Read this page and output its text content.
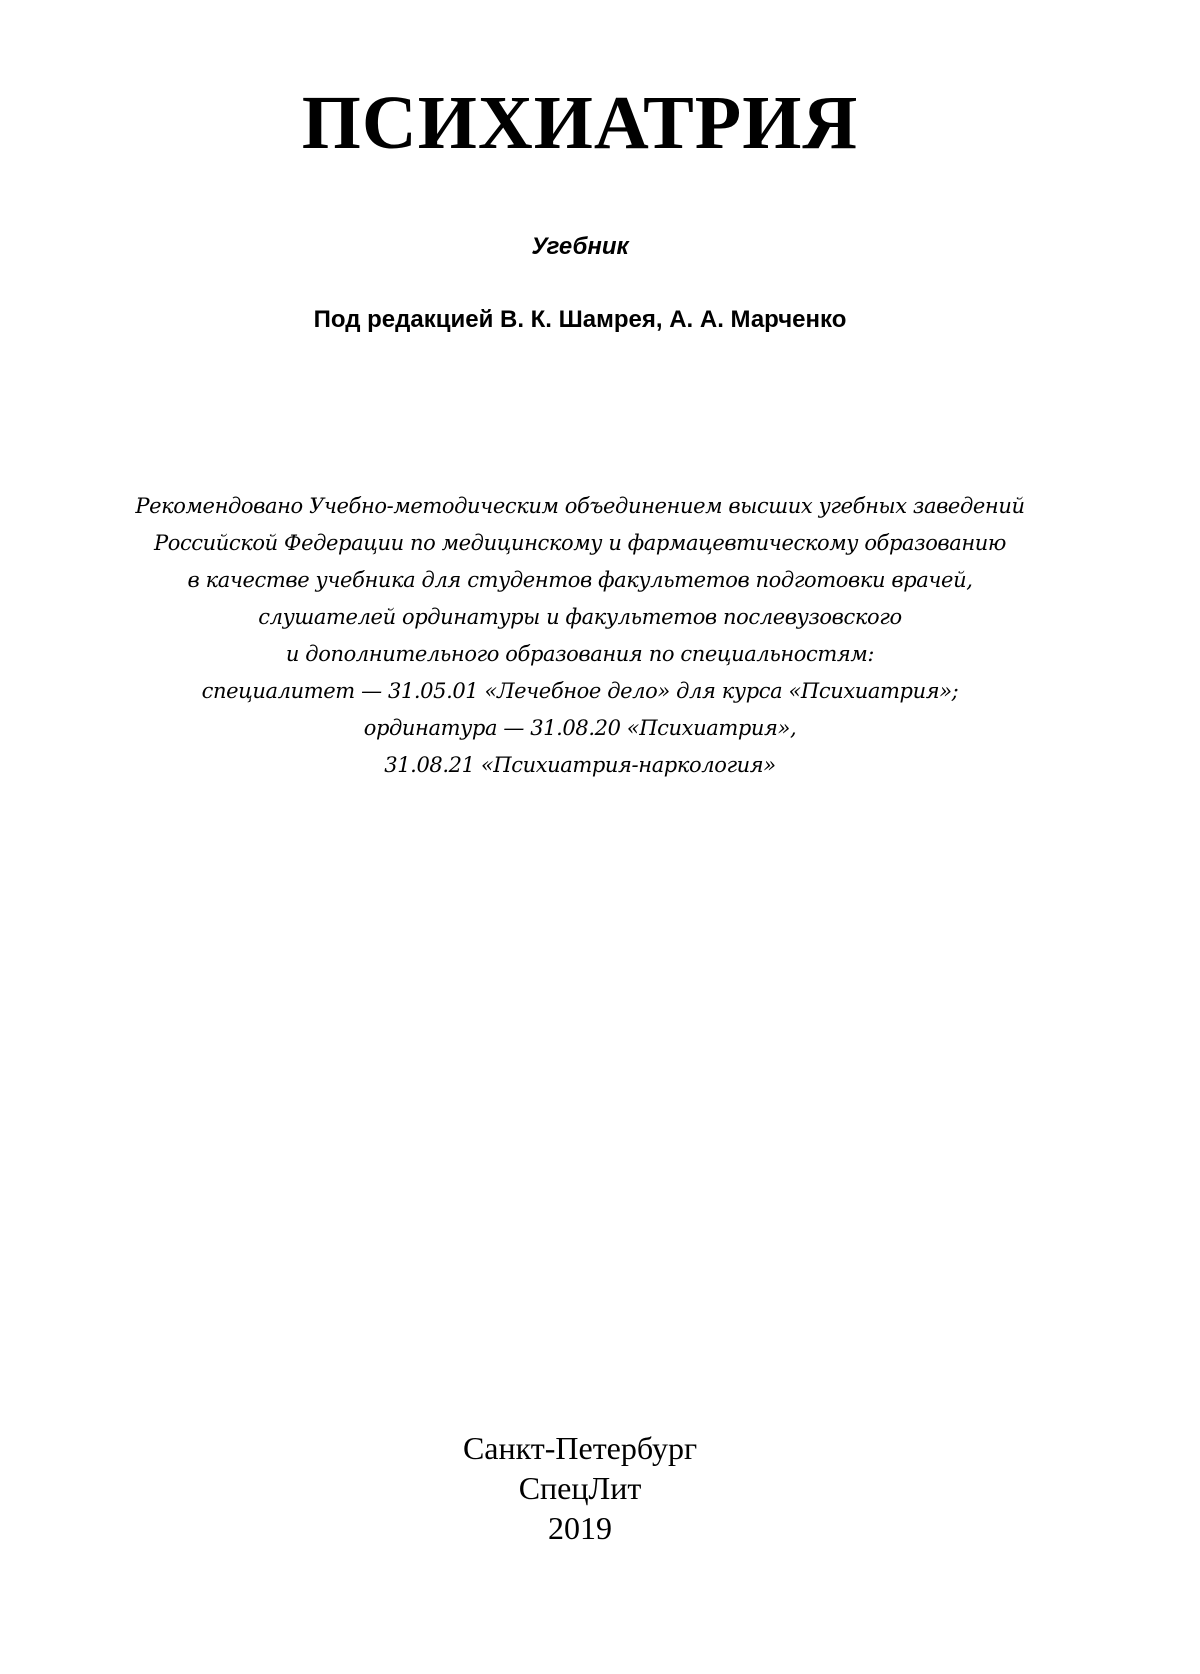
ПСИХИАТРИЯ
Угебник
Под редакцией В. К. Шамрея, А. А. Марченко
Рекомендовано Учебно-методическим объединением высших угебных заведений
Российской Федерации по медицинскому и фармацевтическому образованию
в качестве учебника для студентов факультетов подготовки врачей,
слушателей ординатуры и факультетов послевузовского
и дополнительного образования по специальностям:
специалитет — 31.05.01 «Лечебное дело» для курса «Психиатрия»;
ординатура — 31.08.20 «Психиатрия»,
31.08.21 «Психиатрия-наркология»
Санкт-Петербург
СпецЛит
2019
